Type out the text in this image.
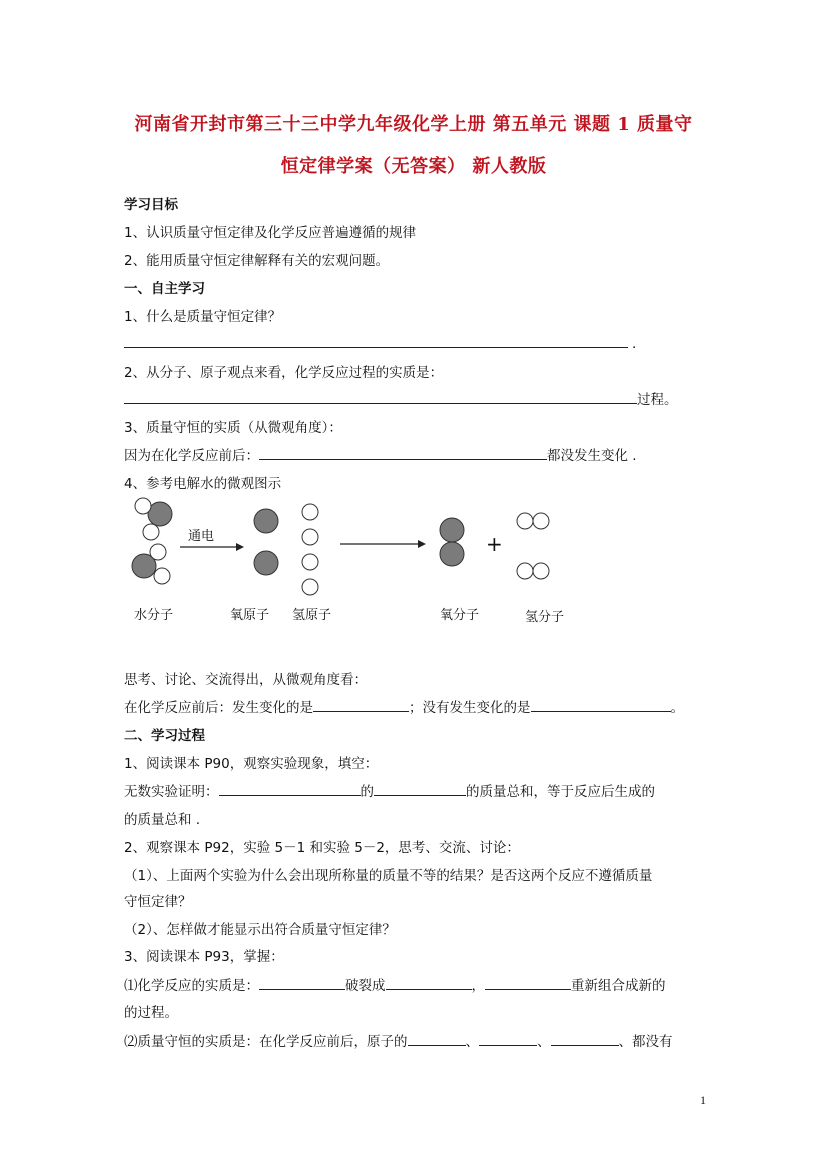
河南省开封市第三十三中学九年级化学上册 第五单元 课题 1 质量守
恒定律学案（无答案） 新人教版
学习目标
1、认识质量守恒定律及化学反应普遍遵循的规律
2、能用质量守恒定律解释有关的宏观问题。
一、自主学习
1、什么是质量守恒定律？
.
2、从分子、原子观点来看，化学反应过程的实质是：
过程。
3、质量守恒的实质（从微观角度）：
因为在化学反应前后：	都没发生变化 .
4、参考电解水的微观图示
通电	+
水分子	氧原子 氢原子	氧分子	氢分子
思考、讨论、交流得出，从微观角度看：
在化学反应前后：发生变化的是	；没有发生变化的是	。
二、学习过程
1、阅读课本 P90，观察实验现象，填空：
无数实验证明：	的	的质量总和，等于反应后生成的
的质量总和 .
2、观察课本 P92，实验 5－1 和实验 5－2，思考、交流、讨论：
（1）、上面两个实验为什么会出现所称量的质量不等的结果？是否这两个反应不遵循质量
守恒定律？
（2）、怎样做才能显示出符合质量守恒定律？
3、阅读课本 P93，掌握：
⑴化学反应的实质是：	破裂成	，	重新组合成新的
的过程。
⑵质量守恒的实质是：在化学反应前后，原子的	、	、	、都没有
1
